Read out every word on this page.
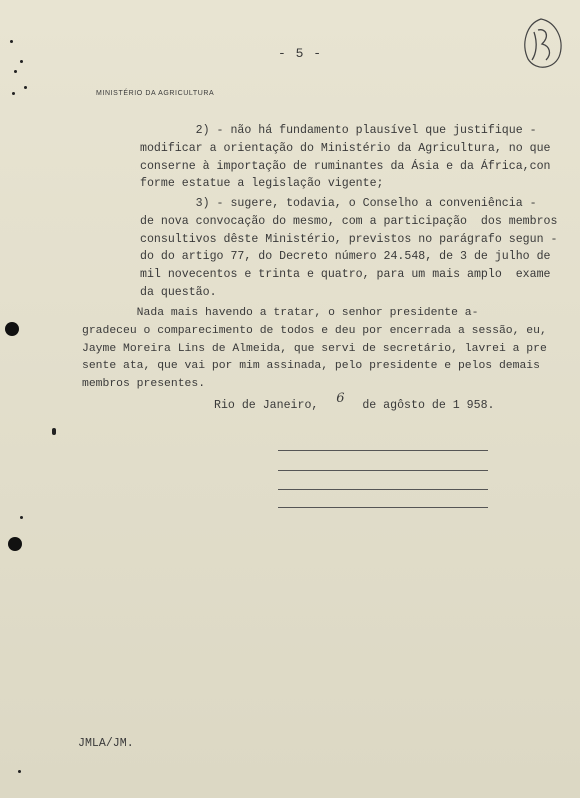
- 5 -
MINISTÉRIO DA AGRICULTURA
2) - não há fundamento plausível que justifique -
modificar a orientação do Ministério da Agricultura, no que
conserne à importação de ruminantes da Ásia e da África,con
forme estatue a legislação vigente;
3) - sugere, todavia, o Conselho a conveniência -
de nova convocação do mesmo, com a participação  dos membros
consultivos dêste Ministério, previstos no parágrafo segun -
do do artigo 77, do Decreto número 24.548, de 3 de julho de
mil novecentos e trinta e quatro, para um mais amplo  exame
da questão.
Nada mais havendo a tratar, o senhor presidente a-
gradeceu o comparecimento de todos e deu por encerrada a sessão, eu,
Jayme Moreira Lins de Almeida, que servi de secretário, lavrei a pre
sente ata, que vai por mim assinada, pelo presidente e pelos demais
membros presentes.
Rio de Janeiro, 6 de agôsto de 1 958.
JMLA/JM.
